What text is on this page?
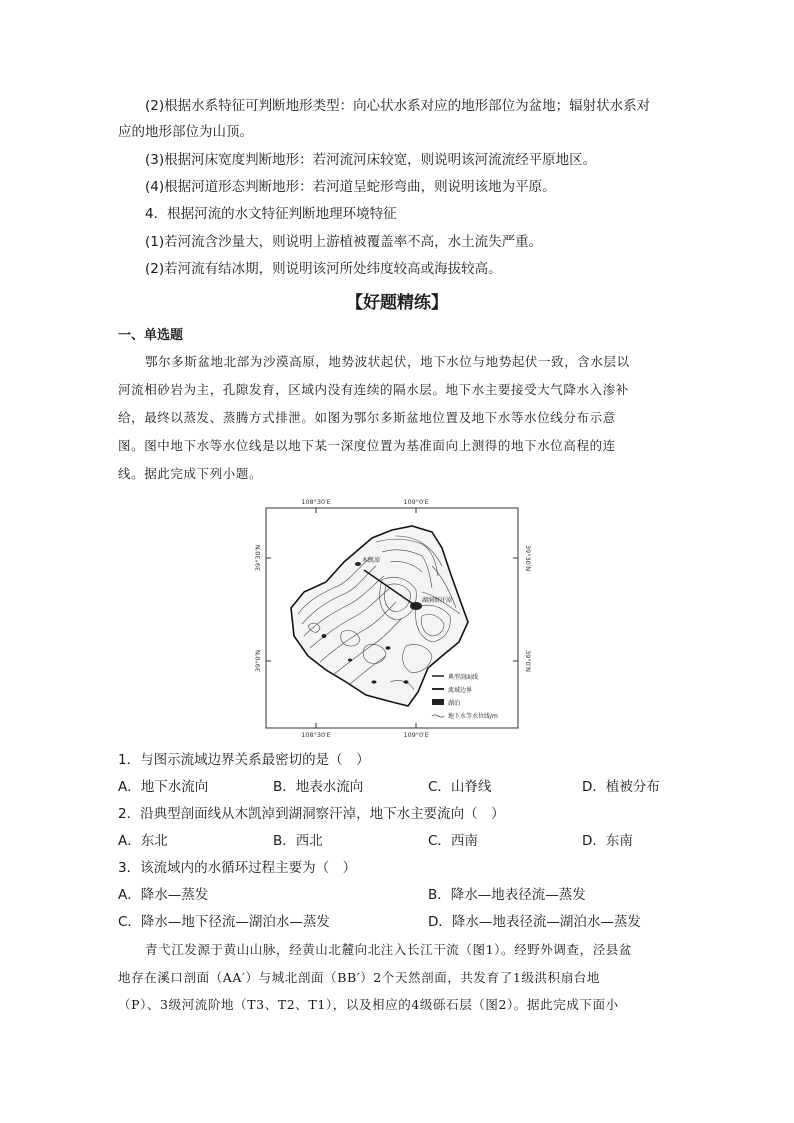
(2)根据水系特征可判断地形类型：向心状水系对应的地形部位为盆地；辐射状水系对
应的地形部位为山顶。
(3)根据河床宽度判断地形：若河流河床较宽，则说明该河流流经平原地区。
(4)根据河道形态判断地形：若河道呈蛇形弯曲，则说明该地为平原。
4．根据河流的水文特征判断地理环境特征
(1)若河流含沙量大，则说明上游植被覆盖率不高，水土流失严重。
(2)若河流有结冰期，则说明该河所处纬度较高或海拔较高。
【好题精练】
一、单选题
鄂尔多斯盆地北部为沙漠高原，地势波状起伏，地下水位与地势起伏一致，含水层以
河流相砂岩为主，孔隙发育，区域内没有连续的隔水层。地下水主要接受大气降水入渗补
给，最终以蒸发、蒸腾方式排泄。如图为鄂尔多斯盆地位置及地下水等水位线分布示意
图。图中地下水等水位线是以地下某一深度位置为基准面向上测得的地下水位高程的连
线。据此完成下列小题。
108°30′E	109°0′E
108°30′E	109°0′E
39°30′N
39°0′N
39°30′N
39°0′N
木凯淖
湖洞察汗淖
典型剖面线
流域边界
湖泊
地下水等水位线/m
1．与图示流域边界关系最密切的是（　）
A．地下水流向	B．地表水流向	C．山脊线	D．植被分布
2．沿典型剖面线从木凯淖到湖洞察汗淖，地下水主要流向（　）
A．东北	B．西北	C．西南	D．东南
3．该流域内的水循环过程主要为（　）
A．降水—蒸发	B．降水—地表径流—蒸发
C．降水—地下径流—湖泊水—蒸发	D．降水—地表径流—湖泊水—蒸发
青弋江发源于黄山山脉，经黄山北麓向北注入长江干流（图1）。经野外调查，泾县盆
地存在溪口剖面（AA′）与城北剖面（BB′）2个天然剖面，共发育了1级洪积扇台地
（P）、3级河流阶地（T3、T2、T1），以及相应的4级砾石层（图2）。据此完成下面小
